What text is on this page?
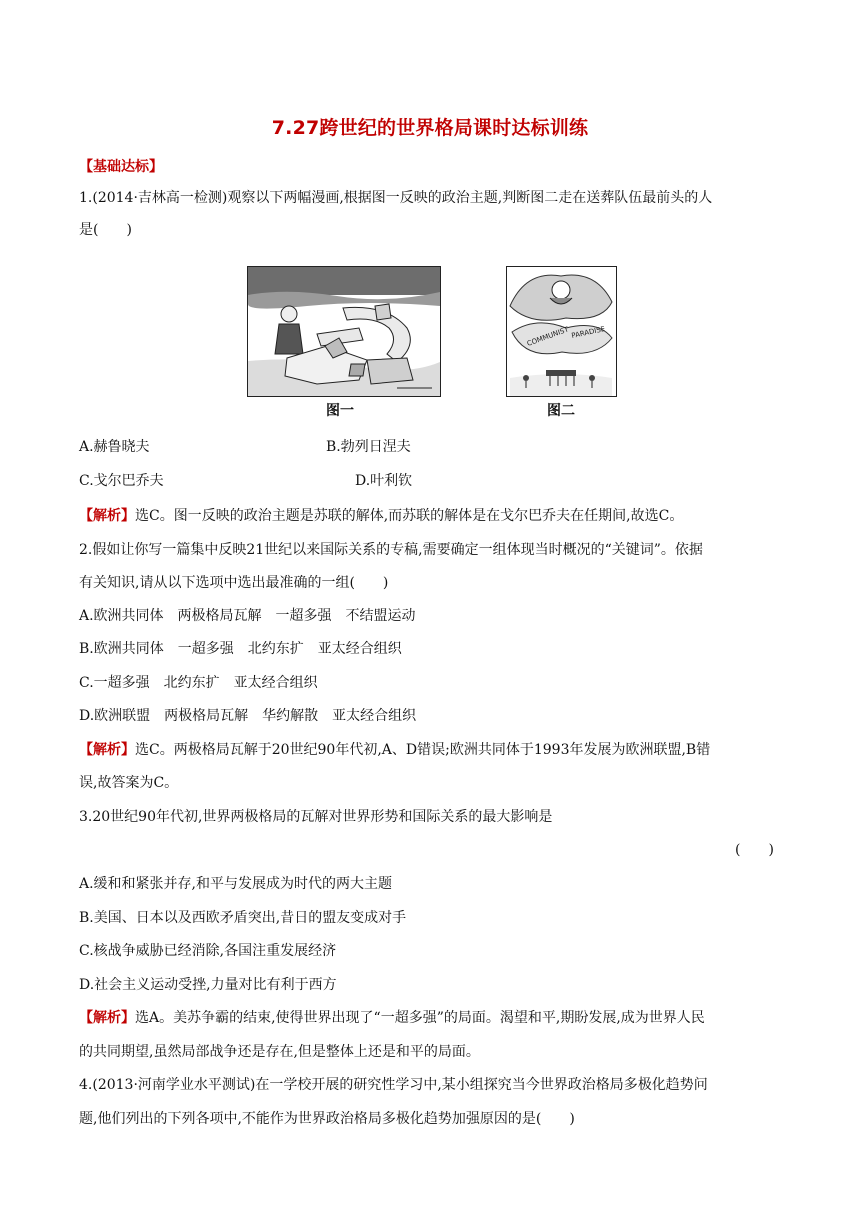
7.27跨世纪的世界格局课时达标训练
【基础达标】
1.(2014·吉林高一检测)观察以下两幅漫画,根据图一反映的政治主题,判断图二走在送葬队伍最前头的人
是(　　)
图一
COMMUNIST PARADISE
图二
A.赫鲁晓夫	B.勃列日涅夫
C.戈尔巴乔夫	D.叶利钦
【解析】选C。图一反映的政治主题是苏联的解体,而苏联的解体是在戈尔巴乔夫在任期间,故选C。
2.假如让你写一篇集中反映21世纪以来国际关系的专稿,需要确定一组体现当时概况的“关键词”。依据
有关知识,请从以下选项中选出最准确的一组(　　)
A.欧洲共同体　两极格局瓦解　一超多强　不结盟运动
B.欧洲共同体　一超多强　北约东扩　亚太经合组织
C.一超多强　北约东扩　亚太经合组织
D.欧洲联盟　两极格局瓦解　华约解散　亚太经合组织
【解析】选C。两极格局瓦解于20世纪90年代初,A、D错误;欧洲共同体于1993年发展为欧洲联盟,B错
误,故答案为C。
3.20世纪90年代初,世界两极格局的瓦解对世界形势和国际关系的最大影响是
(　　)
A.缓和和紧张并存,和平与发展成为时代的两大主题
B.美国、日本以及西欧矛盾突出,昔日的盟友变成对手
C.核战争威胁已经消除,各国注重发展经济
D.社会主义运动受挫,力量对比有利于西方
【解析】选A。美苏争霸的结束,使得世界出现了“一超多强”的局面。渴望和平,期盼发展,成为世界人民
的共同期望,虽然局部战争还是存在,但是整体上还是和平的局面。
4.(2013·河南学业水平测试)在一学校开展的研究性学习中,某小组探究当今世界政治格局多极化趋势问
题,他们列出的下列各项中,不能作为世界政治格局多极化趋势加强原因的是(　　)
